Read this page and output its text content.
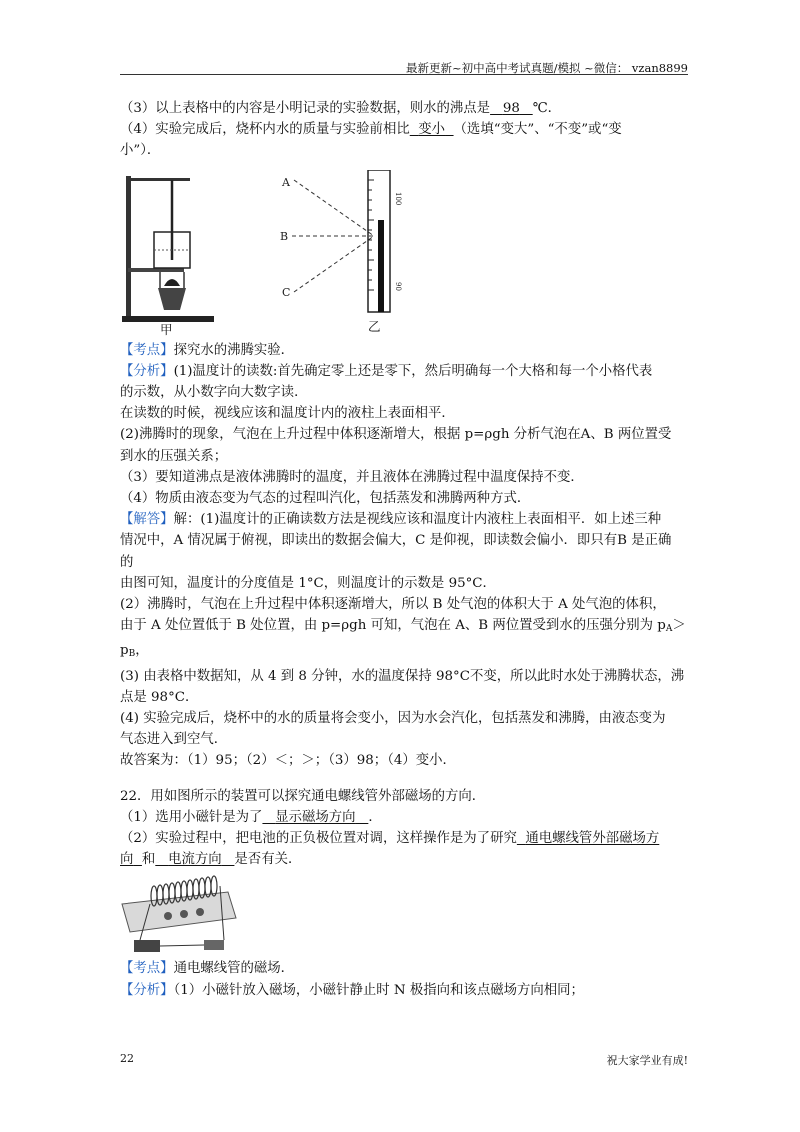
最新更新~初中高中考试真题/模拟 ~微信： vzan8899

（3）以上表格中的内容是小明记录的实验数据，则水的沸点是 98 ℃．

（4）实验完成后，烧杯内水的质量与实验前相比 变小 （选填“变大”、“不变”或“变

小”）．

A
B
C
100
90
甲	乙

【考点】探究水的沸腾实验．

【分析】(1)温度计的读数:首先确定零上还是零下，然后明确每一个大格和每一个小格代表

的示数，从小数字向大数字读．

在读数的时候，视线应该和温度计内的液柱上表面相平．

(2)沸腾时的现象，气泡在上升过程中体积逐渐增大，根据 p=ρgh 分析气泡在A、B 两位置受

到水的压强关系；

（3）要知道沸点是液体沸腾时的温度，并且液体在沸腾过程中温度保持不变．

（4）物质由液态变为气态的过程叫汽化，包括蒸发和沸腾两种方式．

【解答】解：(1)温度计的正确读数方法是视线应该和温度计内液柱上表面相平．如上述三种

情况中，A 情况属于俯视，即读出的数据会偏大，C 是仰视，即读数会偏小．即只有B 是正确

的

由图可知，温度计的分度值是 1°C，则温度计的示数是 95°C．

(2）沸腾时，气泡在上升过程中体积逐渐增大，所以 B 处气泡的体积大于 A 处气泡的体积，

由于 A 处位置低于 B 处位置，由 p=ρgh 可知，气泡在 A、B 两位置受到水的压强分别为 $p_A>$

$p_B$，

(3) 由表格中数据知，从 4 到 8 分钟，水的温度保持 98°C不变，所以此时水处于沸腾状态，沸

点是 98°C．

(4) 实验完成后，烧杯中的水的质量将会变小，因为水会汽化，包括蒸发和沸腾，由液态变为

气态进入到空气．

故答案为：（1）95；（2）＜；＞；（3）98；（4）变小．

22．用如图所示的装置可以探究通电螺线管外部磁场的方向．

（1）选用小磁针是为了 显示磁场方向 ．

（2）实验过程中，把电池的正负极位置对调，这样操作是为了研究 通电螺线管外部磁场方

向 和 电流方向 是否有关．

【考点】通电螺线管的磁场．

【分析】（1）小磁针放入磁场，小磁针静止时 N 极指向和该点磁场方向相同；

22	祝大家学业有成!
